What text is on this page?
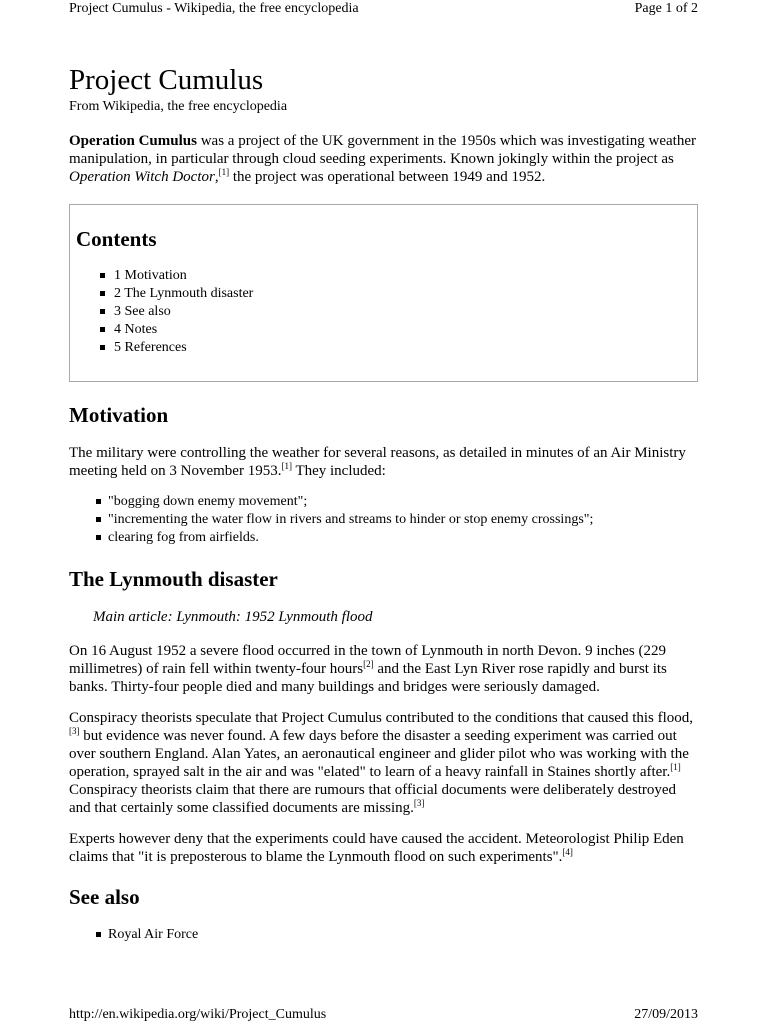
Project Cumulus - Wikipedia, the free encyclopedia	Page 1 of 2
Project Cumulus
From Wikipedia, the free encyclopedia

Operation Cumulus was a project of the UK government in the 1950s which was investigating weather manipulation, in particular through cloud seeding experiments. Known jokingly within the project as Operation Witch Doctor,[1] the project was operational between 1949 and 1952.

Contents
1 Motivation
2 The Lynmouth disaster
3 See also
4 Notes
5 References
Motivation

The military were controlling the weather for several reasons, as detailed in minutes of an Air Ministry meeting held on 3 November 1953.[1] They included:

"bogging down enemy movement";
"incrementing the water flow in rivers and streams to hinder or stop enemy crossings";
clearing fog from airfields.
The Lynmouth disaster
Main article: Lynmouth: 1952 Lynmouth flood

On 16 August 1952 a severe flood occurred in the town of Lynmouth in north Devon. 9 inches (229 millimetres) of rain fell within twenty-four hours[2] and the East Lyn River rose rapidly and burst its banks. Thirty-four people died and many buildings and bridges were seriously damaged.

Conspiracy theorists speculate that Project Cumulus contributed to the conditions that caused this flood,[3] but evidence was never found. A few days before the disaster a seeding experiment was carried out over southern England. Alan Yates, an aeronautical engineer and glider pilot who was working with the operation, sprayed salt in the air and was "elated" to learn of a heavy rainfall in Staines shortly after.[1] Conspiracy theorists claim that there are rumours that official documents were deliberately destroyed and that certainly some classified documents are missing.[3]

Experts however deny that the experiments could have caused the accident. Meteorologist Philip Eden claims that "it is preposterous to blame the Lynmouth flood on such experiments".[4]

See also
Royal Air Force
http://en.wikipedia.org/wiki/Project_Cumulus	27/09/2013
